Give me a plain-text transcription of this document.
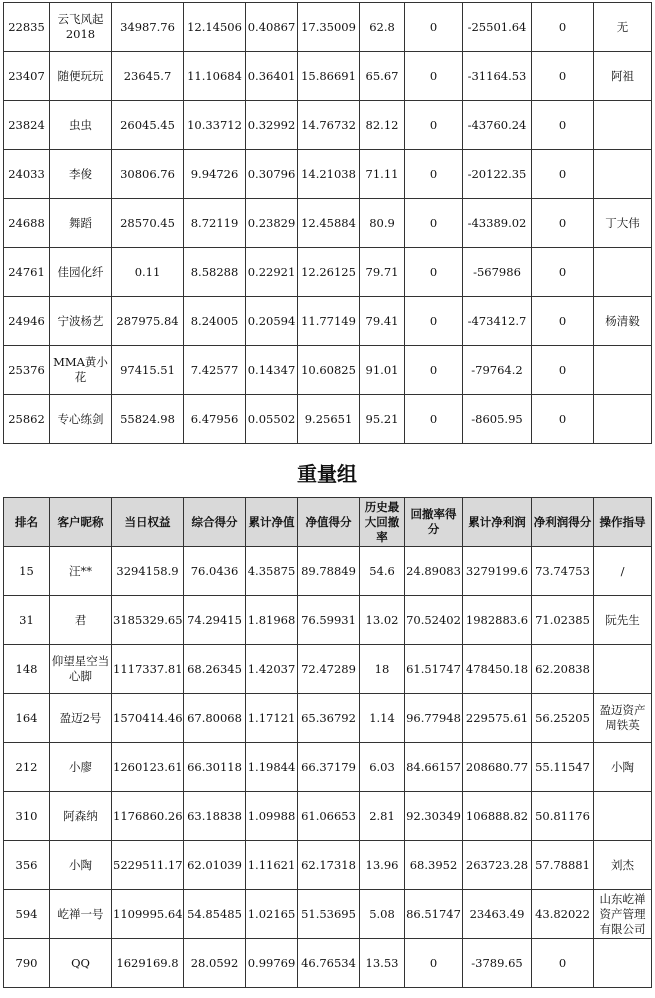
22835	云飞风起2018	34987.76	12.14506	0.40867	17.35009	62.8	0	-25501.64	0	无
23407	随便玩玩	23645.7	11.10684	0.36401	15.86691	65.67	0	-31164.53	0	阿祖
23824	虫虫	26045.45	10.33712	0.32992	14.76732	82.12	0	-43760.24	0	
24033	李俊	30806.76	9.94726	0.30796	14.21038	71.11	0	-20122.35	0	
24688	舞蹈	28570.45	8.72119	0.23829	12.45884	80.9	0	-43389.02	0	丁大伟
24761	佳园化纤	0.11	8.58288	0.22921	12.26125	79.71	0	-567986	0	
24946	宁波杨艺	287975.84	8.24005	0.20594	11.77149	79.41	0	-473412.7	0	杨清毅
25376	MMA黄小花	97415.51	7.42577	0.14347	10.60825	91.01	0	-79764.2	0	
25862	专心练剑	55824.98	6.47956	0.05502	9.25651	95.21	0	-8605.95	0	
重量组
排名	客户昵称	当日权益	综合得分	累计净值	净值得分	历史最大回撤率	回撤率得分	累计净利润	净利润得分	操作指导
15	汪**	3294158.9	76.0436	4.35875	89.78849	54.6	24.89083	3279199.6	73.74753	/
31	君	3185329.65	74.29415	1.81968	76.59931	13.02	70.52402	1982883.6	71.02385	阮先生
148	仰望星空当心脚	1117337.81	68.26345	1.42037	72.47289	18	61.51747	478450.18	62.20838	
164	盈迈2号	1570414.46	67.80068	1.17121	65.36792	1.14	96.77948	229575.61	56.25205	盈迈资产周铁英
212	小廖	1260123.61	66.30118	1.19844	66.37179	6.03	84.66157	208680.77	55.11547	小陶
310	阿森纳	1176860.26	63.18838	1.09988	61.06653	2.81	92.30349	106888.82	50.81176	
356	小陶	5229511.17	62.01039	1.11621	62.17318	13.96	68.3952	263723.28	57.78881	刘杰
594	屹禅一号	1109995.64	54.85485	1.02165	51.53695	5.08	86.51747	23463.49	43.82022	山东屹禅资产管理有限公司
790	QQ	1629169.8	28.0592	0.99769	46.76534	13.53	0	-3789.65	0	
